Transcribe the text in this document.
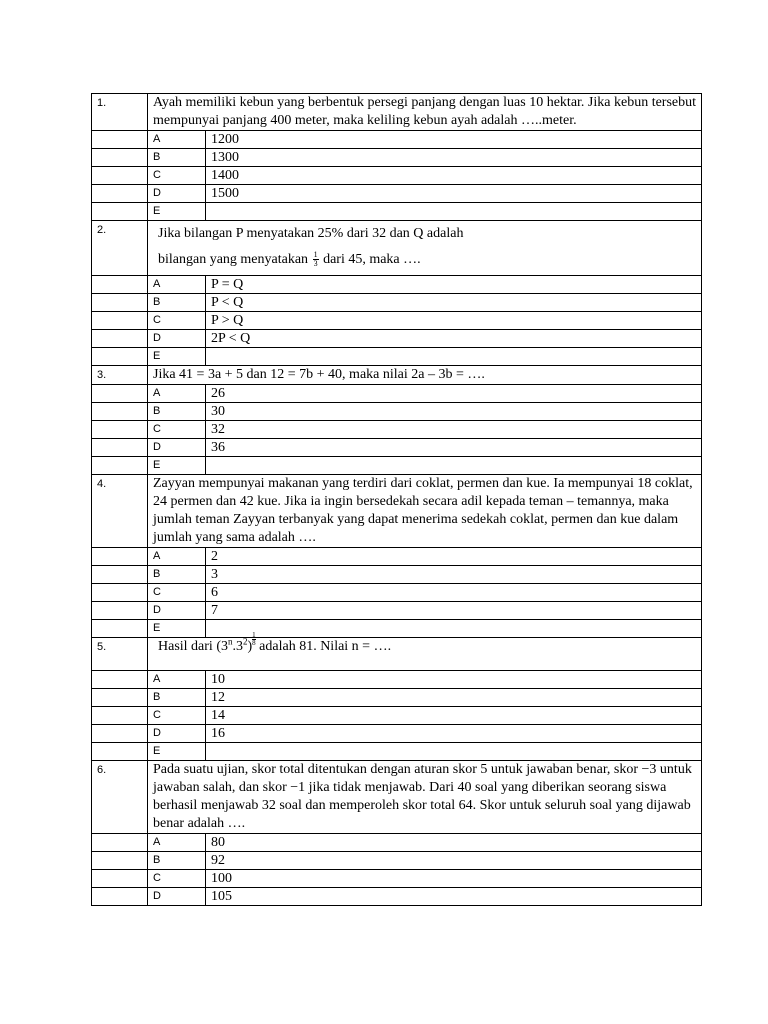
1.	Ayah memiliki kebun yang berbentuk persegi panjang dengan luas 10 hektar. Jika kebun tersebut mempunyai panjang 400 meter, maka keliling kebun ayah adalah …..meter.	
	A	1200
	B	1300
	C	1400
	D	1500
	E	
2.	Jika bilangan P menyatakan 25% dari 32 dan Q adalah
bilangan yang menyatakan $\frac{1}{3}$ dari 45, maka ….	

	A	P = Q
	B	P < Q
	C	P > Q
	D	2P < Q
	E	
3.	Jika 41 = 3a + 5 dan 12 = 7b + 40, maka nilai 2a – 3b = ….	
	A	26
	B	30
	C	32
	D	36
	E	
4.	Zayyan mempunyai makanan yang terdiri dari coklat, permen dan kue. Ia mempunyai 18 coklat, 24 permen dan 42 kue. Jika ia ingin bersedekah secara adil kepada teman – temannya, maka jumlah teman Zayyan terbanyak yang dapat menerima sedekah coklat, permen dan kue dalam jumlah yang sama adalah ….	
	A	2
	B	3
	C	6
	D	7
	E	
5.	Hasil dari $(3^n.3^2) \frac{1}{8}$ adalah 81. Nilai n = ….	

	A	10
	B	12
	C	14
	D	16
	E	
6.	Pada suatu ujian, skor total ditentukan dengan aturan skor 5 untuk jawaban benar, skor −3 untuk jawaban salah, dan skor −1 jika tidak menjawab. Dari 40 soal yang diberikan seorang siswa berhasil menjawab 32 soal dan memperoleh skor total 64. Skor untuk seluruh soal yang dijawab benar adalah ….	
	A	80
	B	92
	C	100
	D	105
